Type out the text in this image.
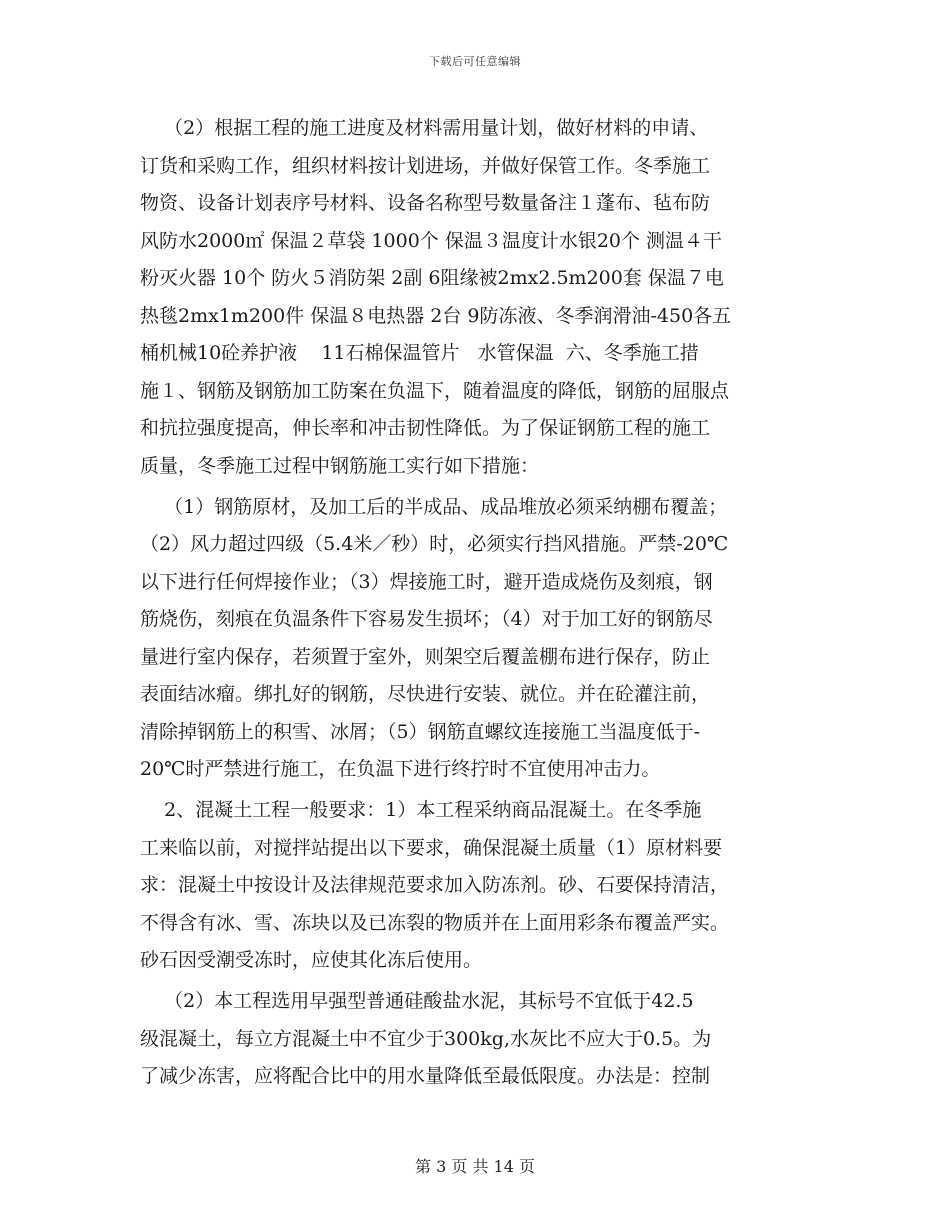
下载后可任意编辑
（2）根据工程的施工进度及材料需用量计划，做好材料的申请、
订货和采购工作，组织材料按计划进场，并做好保管工作。冬季施工
物资、设备计划表序号材料、设备名称型号数量备注１蓬布、毡布防
风防水2000㎡ 保温２草袋 1000个 保温３温度计水银20个 测温４干
粉灭火器 10个 防火５消防架 2副 6阻缘被2mx2.5m200套 保温７电
热毯2mx1m200件 保温８电热器 2台 9防冻液、冬季润滑油-450各五
桶机械10砼养护液    11石棉保温管片   水管保温  六、冬季施工措
施１、钢筋及钢筋加工防案在负温下，随着温度的降低，钢筋的屈服点
和抗拉强度提高，伸长率和冲击韧性降低。为了保证钢筋工程的施工
质量，冬季施工过程中钢筋施工实行如下措施：
（1）钢筋原材，及加工后的半成品、成品堆放必须采纳棚布覆盖；
（2）风力超过四级（5.4米／秒）时，必须实行挡风措施。严禁-20℃
以下进行任何焊接作业；（3）焊接施工时，避开造成烧伤及刻痕，钢
筋烧伤，刻痕在负温条件下容易发生损坏；（4）对于加工好的钢筋尽
量进行室内保存，若须置于室外，则架空后覆盖棚布进行保存，防止
表面结冰瘤。绑扎好的钢筋，尽快进行安装、就位。并在砼灌注前，
清除掉钢筋上的积雪、冰屑；（5）钢筋直螺纹连接施工当温度低于-
20℃时严禁进行施工，在负温下进行终拧时不宜使用冲击力。
2、混凝土工程一般要求：1）本工程采纳商品混凝土。在冬季施
工来临以前，对搅拌站提出以下要求，确保混凝土质量（1）原材料要
求：混凝土中按设计及法律规范要求加入防冻剂。砂、石要保持清洁，
不得含有冰、雪、冻块以及已冻裂的物质并在上面用彩条布覆盖严实。
砂石因受潮受冻时，应使其化冻后使用。
（2）本工程选用早强型普通硅酸盐水泥，其标号不宜低于42.5
级混凝土，每立方混凝土中不宜少于300kg,水灰比不应大于0.5。为
了减少冻害，应将配合比中的用水量降低至最低限度。办法是：控制
第 3 页 共 14 页
